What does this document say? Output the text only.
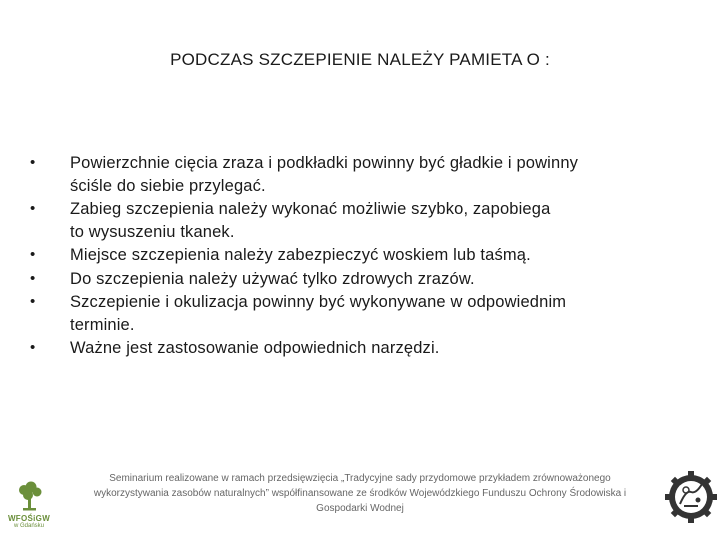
PODCZAS SZCZEPIENIE NALEŻY PAMIETA O :
• Powierzchnie cięcia zraza i podkładki powinny być gładkie i powinny
ściśle do siebie przylegać.
• Zabieg szczepienia należy wykonać możliwie szybko, zapobiega
to wysuszeniu tkanek.
• Miejsce szczepienia należy zabezpieczyć woskiem lub taśmą.
• Do szczepienia należy używać tylko zdrowych zrazów.
• Szczepienie i okulizacja powinny być wykonywane w odpowiednim
terminie.
• Ważne jest zastosowanie odpowiednich narzędzi.
Seminarium realizowane w ramach przedsięwzięcia „Tradycyjne sady przydomowe przykładem zrównoważonego
wykorzystywania zasobów naturalnych” współfinansowane ze środków Wojewódzkiego Funduszu Ochrony Środowiska i
Gospodarki Wodnej
WFOŚiGW
w Gdańsku
